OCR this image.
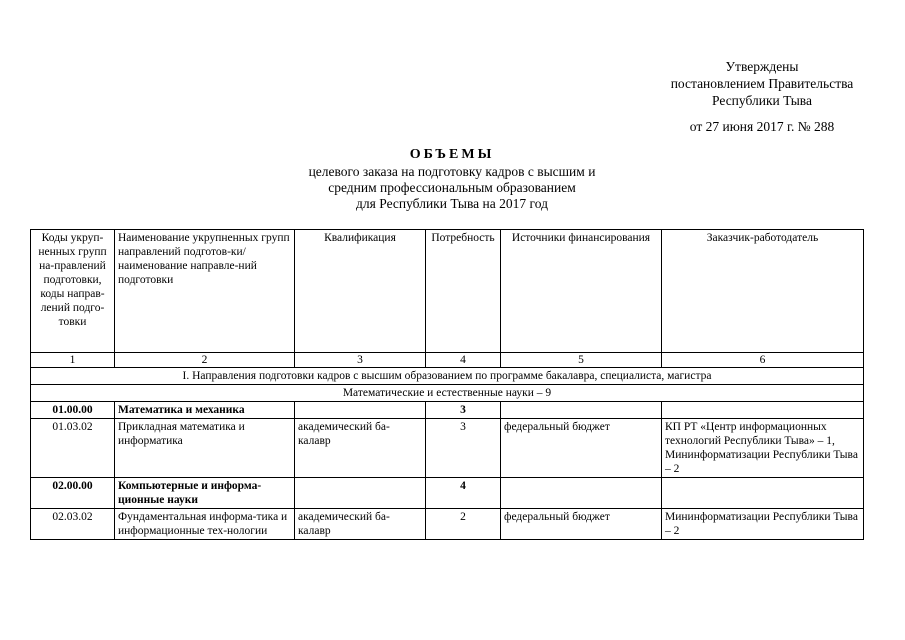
Утверждены
постановлением Правительства
Республики Тыва
от 27 июня 2017 г. № 288
ОБЪЕМЫ
целевого заказа на подготовку кадров с высшим и
средним профессиональным образованием
для Республики Тыва на 2017 год
Коды укруп-ненных групп на-правлений подготовки, коды направ-лений подго-товки	Наименование укрупненных групп направлений подготов-ки/ наименование направле-ний подготовки	Квалификация	Потребность	Источники финансирования	Заказчик-работодатель
1	2	3	4	5	6
I. Направления подготовки кадров с высшим образованием по программе бакалавра, специалиста, магистра					
Математические и естественные науки – 9					
01.00.00	Математика и механика		3		
01.03.02	Прикладная математика и информатика	академический ба-калавр	3	федеральный бюджет	КП РТ «Центр информационных технологий Республики Тыва» – 1, Мининформатизации Республики Тыва – 2
02.00.00	Компьютерные и информа-ционные науки		4		
02.03.02	Фундаментальная информа-тика и информационные тех-нологии	академический ба-калавр	2	федеральный бюджет	Мининформатизации Республики Тыва – 2
